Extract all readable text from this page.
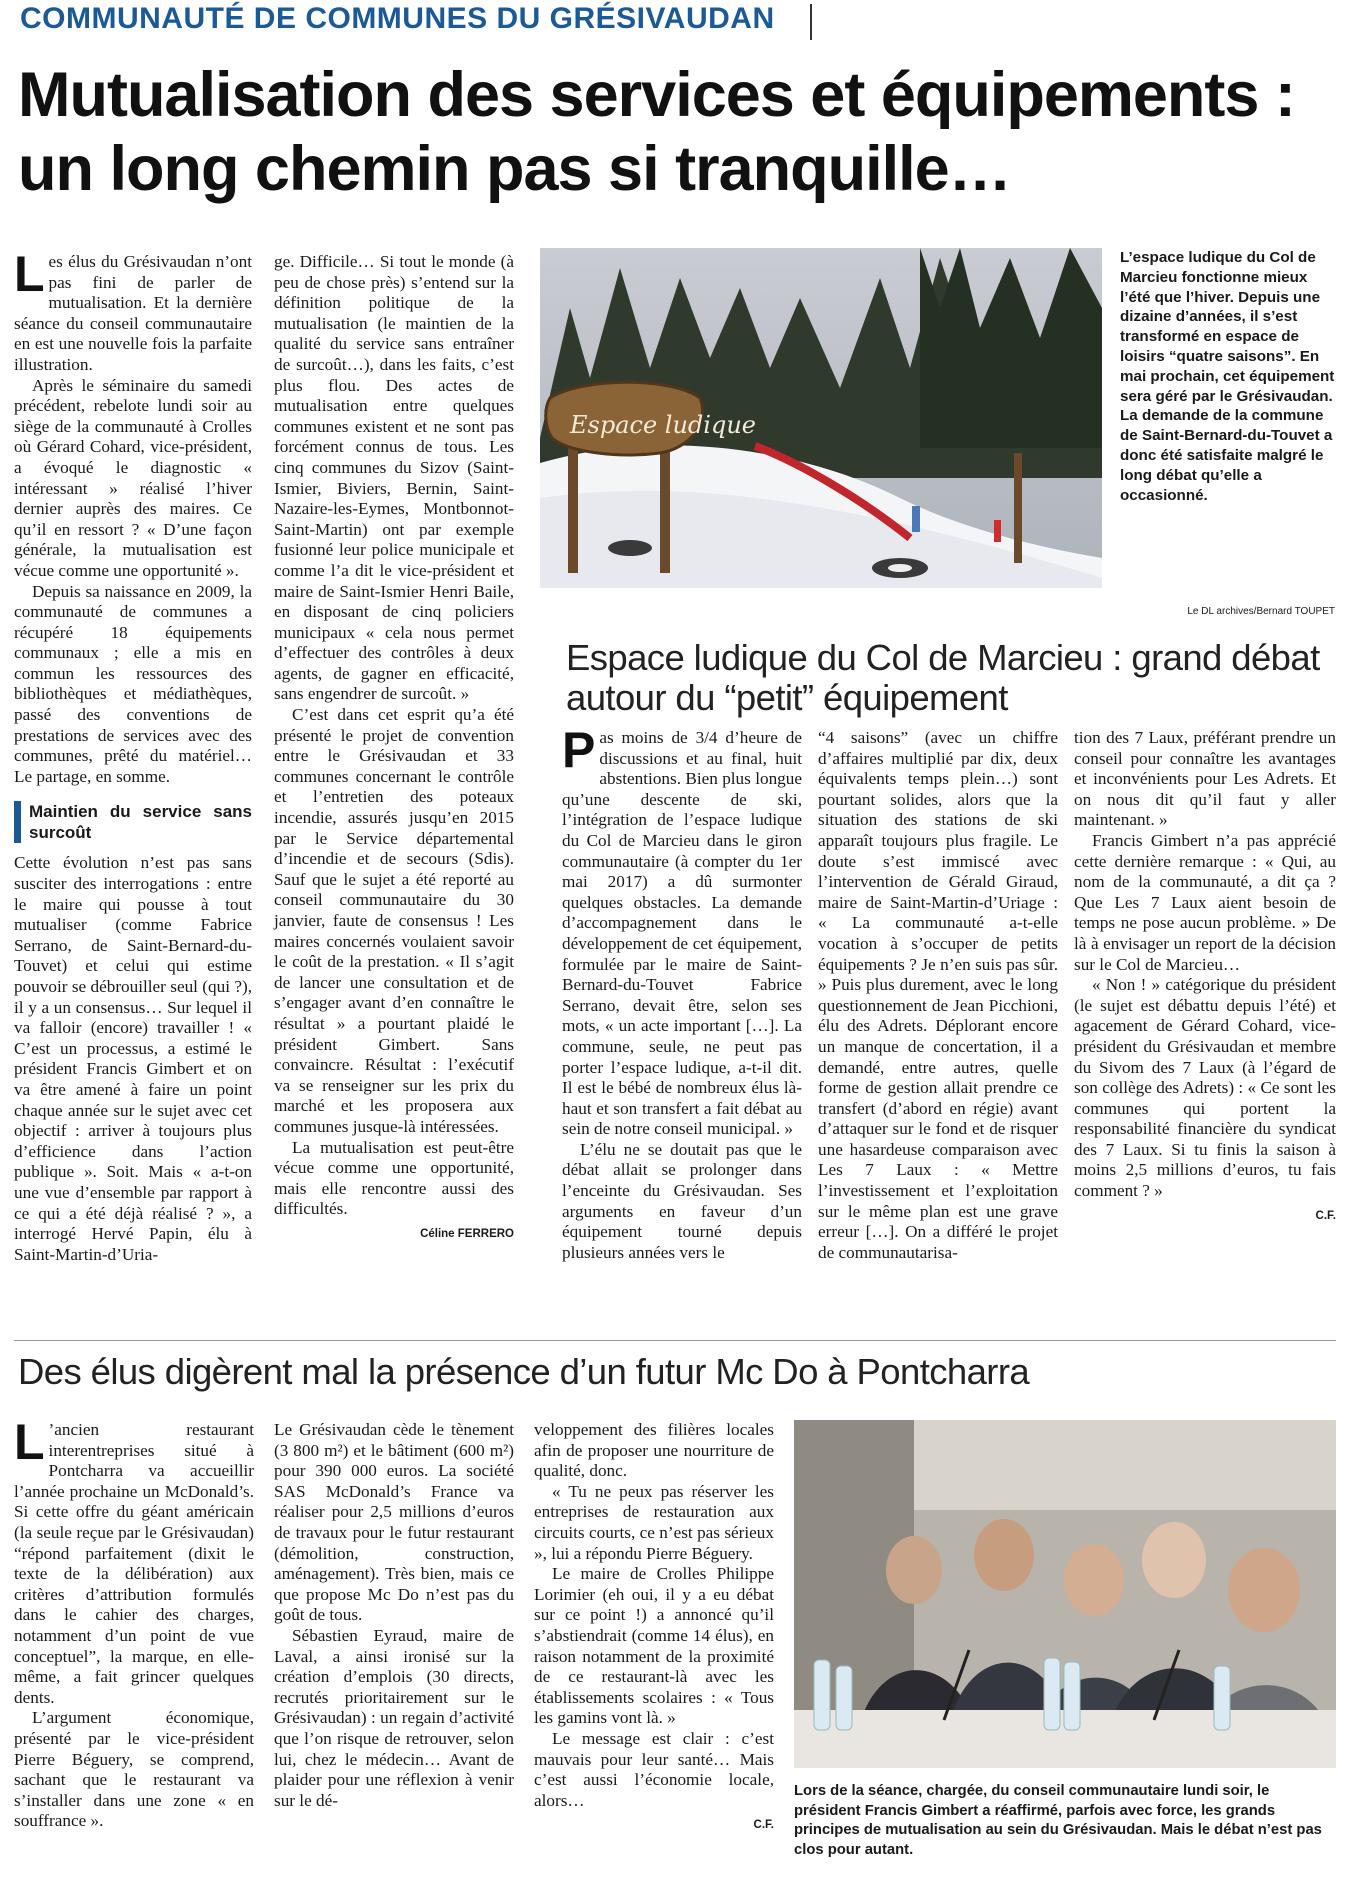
COMMUNAUTÉ DE COMMUNES DU GRÉSIVAUDAN
Mutualisation des services et équipements : un long chemin pas si tranquille…

Les élus du Grésivaudan n’ont pas fini de parler de mutualisation. Et la dernière séance du conseil communautaire en est une nouvelle fois la parfaite illustration.

Après le séminaire du samedi précédent, rebelote lundi soir au siège de la communauté à Crolles où Gérard Cohard, vice-président, a évoqué le diagnostic « intéressant » réalisé l’hiver dernier auprès des maires. Ce qu’il en ressort ? « D’une façon générale, la mutualisation est vécue comme une opportunité ».

Depuis sa naissance en 2009, la communauté de communes a récupéré 18 équipements communaux ; elle a mis en commun les ressources des bibliothèques et médiathèques, passé des conventions de prestations de services avec des communes, prêté du matériel… Le partage, en somme.

Maintien du service sans surcoût

Cette évolution n’est pas sans susciter des interrogations : entre le maire qui pousse à tout mutualiser (comme Fabrice Serrano, de Saint-Bernard-du-Touvet) et celui qui estime pouvoir se débrouiller seul (qui ?), il y a un consensus… Sur lequel il va falloir (encore) travailler ! « C’est un processus, a estimé le président Francis Gimbert et on va être amené à faire un point chaque année sur le sujet avec cet objectif : arriver à toujours plus d’efficience dans l’action publique ». Soit. Mais « a-t-on une vue d’ensemble par rapport à ce qui a été déjà réalisé ? », a interrogé Hervé Papin, élu à Saint-Martin-d’Uria-

ge. Difficile… Si tout le monde (à peu de chose près) s’entend sur la définition politique de la mutualisation (le maintien de la qualité du service sans entraîner de surcoût…), dans les faits, c’est plus flou. Des actes de mutualisation entre quelques communes existent et ne sont pas forcément connus de tous. Les cinq communes du Sizov (Saint-Ismier, Biviers, Bernin, Saint-Nazaire-les-Eymes, Montbonnot-Saint-Martin) ont par exemple fusionné leur police municipale et comme l’a dit le vice-président et maire de Saint-Ismier Henri Baile, en disposant de cinq policiers municipaux « cela nous permet d’effectuer des contrôles à deux agents, de gagner en efficacité, sans engendrer de surcoût. »

C’est dans cet esprit qu’a été présenté le projet de convention entre le Grésivaudan et 33 communes concernant le contrôle et l’entretien des poteaux incendie, assurés jusqu’en 2015 par le Service départemental d’incendie et de secours (Sdis). Sauf que le sujet a été reporté au conseil communautaire du 30 janvier, faute de consensus ! Les maires concernés voulaient savoir le coût de la prestation. « Il s’agit de lancer une consultation et de s’engager avant d’en connaître le résultat » a pourtant plaidé le président Gimbert. Sans convaincre. Résultat : l’exécutif va se renseigner sur les prix du marché et les proposera aux communes jusque-là intéressées.

La mutualisation est peut-être vécue comme une opportunité, mais elle rencontre aussi des difficultés.

Céline FERRERO
Espace ludique
L’espace ludique du Col de Marcieu fonctionne mieux l’été que l’hiver. Depuis une dizaine d’années, il s’est transformé en espace de loisirs “quatre saisons”. En mai prochain, cet équipement sera géré par le Grésivaudan. La demande de la commune de Saint-Bernard-du-Touvet a donc été satisfaite malgré le long débat qu’elle a occasionné.
Le DL archives/Bernard TOUPET
Espace ludique du Col de Marcieu : grand débat autour du “petit” équipement

Pas moins de 3/4 d’heure de discussions et au final, huit abstentions. Bien plus longue qu’une descente de ski, l’intégration de l’espace ludique du Col de Marcieu dans le giron communautaire (à compter du 1er mai 2017) a dû surmonter quelques obstacles. La demande d’accompagnement dans le développement de cet équipement, formulée par le maire de Saint-Bernard-du-Touvet Fabrice Serrano, devait être, selon ses mots, « un acte important […]. La commune, seule, ne peut pas porter l’espace ludique, a-t-il dit. Il est le bébé de nombreux élus là-haut et son transfert a fait débat au sein de notre conseil municipal. »

L’élu ne se doutait pas que le débat allait se prolonger dans l’enceinte du Grésivaudan. Ses arguments en faveur d’un équipement tourné depuis plusieurs années vers le

“4 saisons” (avec un chiffre d’affaires multiplié par dix, deux équivalents temps plein…) sont pourtant solides, alors que la situation des stations de ski apparaît toujours plus fragile. Le doute s’est immiscé avec l’intervention de Gérald Giraud, maire de Saint-Martin-d’Uriage : « La communauté a-t-elle vocation à s’occuper de petits équipements ? Je n’en suis pas sûr. » Puis plus durement, avec le long questionnement de Jean Picchioni, élu des Adrets. Déplorant encore un manque de concertation, il a demandé, entre autres, quelle forme de gestion allait prendre ce transfert (d’abord en régie) avant d’attaquer sur le fond et de risquer une hasardeuse comparaison avec Les 7 Laux : « Mettre l’investissement et l’exploitation sur le même plan est une grave erreur […]. On a différé le projet de communautarisa-

tion des 7 Laux, préférant prendre un conseil pour connaître les avantages et inconvénients pour Les Adrets. Et on nous dit qu’il faut y aller maintenant. »

Francis Gimbert n’a pas apprécié cette dernière remarque : « Qui, au nom de la communauté, a dit ça ? Que Les 7 Laux aient besoin de temps ne pose aucun problème. » De là à envisager un report de la décision sur le Col de Marcieu…

« Non ! » catégorique du président (le sujet est débattu depuis l’été) et agacement de Gérard Cohard, vice-président du Grésivaudan et membre du Sivom des 7 Laux (à l’égard de son collège des Adrets) : « Ce sont les communes qui portent la responsabilité financière du syndicat des 7 Laux. Si tu finis la saison à moins 2,5 millions d’euros, tu fais comment ? »

C.F.
Des élus digèrent mal la présence d’un futur Mc Do à Pontcharra

L ’ancien restaurant interentreprises situé à Pontcharra va accueillir l’année prochaine un McDonald’s. Si cette offre du géant américain (la seule reçue par le Grésivaudan) “répond parfaitement (dixit le texte de la délibération) aux critères d’attribution formulés dans le cahier des charges, notamment d’un point de vue conceptuel”, la marque, en elle-même, a fait grincer quelques dents.

L’argument économique, présenté par le vice-président Pierre Béguery, se comprend, sachant que le restaurant va s’installer dans une zone « en souffrance ».

Le Grésivaudan cède le tènement (3 800 m²) et le bâtiment (600 m²) pour 390 000 euros. La société SAS McDonald’s France va réaliser pour 2,5 millions d’euros de travaux pour le futur restaurant (démolition, construction, aménagement). Très bien, mais ce que propose Mc Do n’est pas du goût de tous.

Sébastien Eyraud, maire de Laval, a ainsi ironisé sur la création d’emplois (30 directs, recrutés prioritairement sur le Grésivaudan) : un regain d’activité que l’on risque de retrouver, selon lui, chez le médecin… Avant de plaider pour une réflexion à venir sur le dé-

veloppement des filières locales afin de proposer une nourriture de qualité, donc.

« Tu ne peux pas réserver les entreprises de restauration aux circuits courts, ce n’est pas sérieux », lui a répondu Pierre Béguery.

Le maire de Crolles Philippe Lorimier (eh oui, il y a eu débat sur ce point !) a annoncé qu’il s’abstiendrait (comme 14 élus), en raison notamment de la proximité de ce restaurant-là avec les établissements scolaires : « Tous les gamins vont là. »

Le message est clair : c’est mauvais pour leur santé… Mais c’est aussi l’économie locale, alors…

C.F.
Lors de la séance, chargée, du conseil communautaire lundi soir, le président Francis Gimbert a réaffirmé, parfois avec force, les grands principes de mutualisation au sein du Grésivaudan. Mais le débat n’est pas clos pour autant.
